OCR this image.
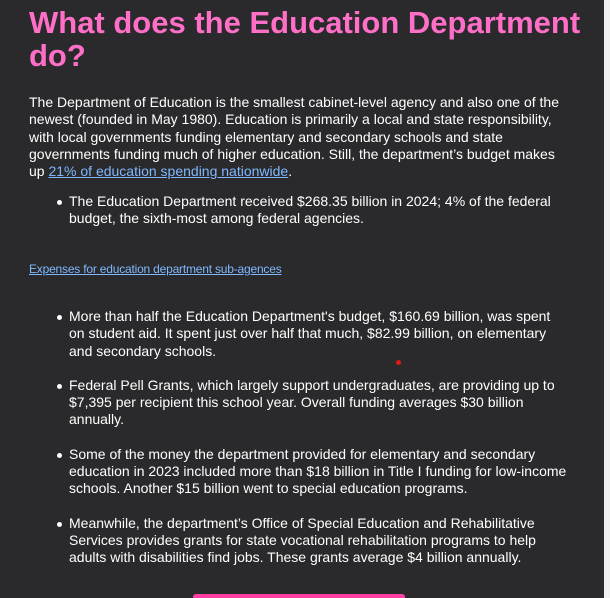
What does the Education Department do?

The Department of Education is the smallest cabinet-level agency and also one of the newest (founded in May 1980). Education is primarily a local and state responsibility, with local governments funding elementary and secondary schools and state governments funding much of higher education. Still, the department’s budget makes up 21% of education spending nationwide.

The Education Department received $268.35 billion in 2024; 4% of the federal budget, the sixth-most among federal agencies.
Expenses for education department sub-agences
More than half the Education Department's budget, $160.69 billion, was spent on student aid. It spent just over half that much, $82.99 billion, on elementary and secondary schools.
Federal Pell Grants, which largely support undergraduates, are providing up to $7,395 per recipient this school year. Overall funding averages $30 billion annually.
Some of the money the department provided for elementary and secondary education in 2023 included more than $18 billion in Title I funding for low-income schools. Another $15 billion went to special education programs.
Meanwhile, the department’s Office of Special Education and Rehabilitative Services provides grants for state vocational rehabilitation programs to help adults with disabilities find jobs. These grants average $4 billion annually.
